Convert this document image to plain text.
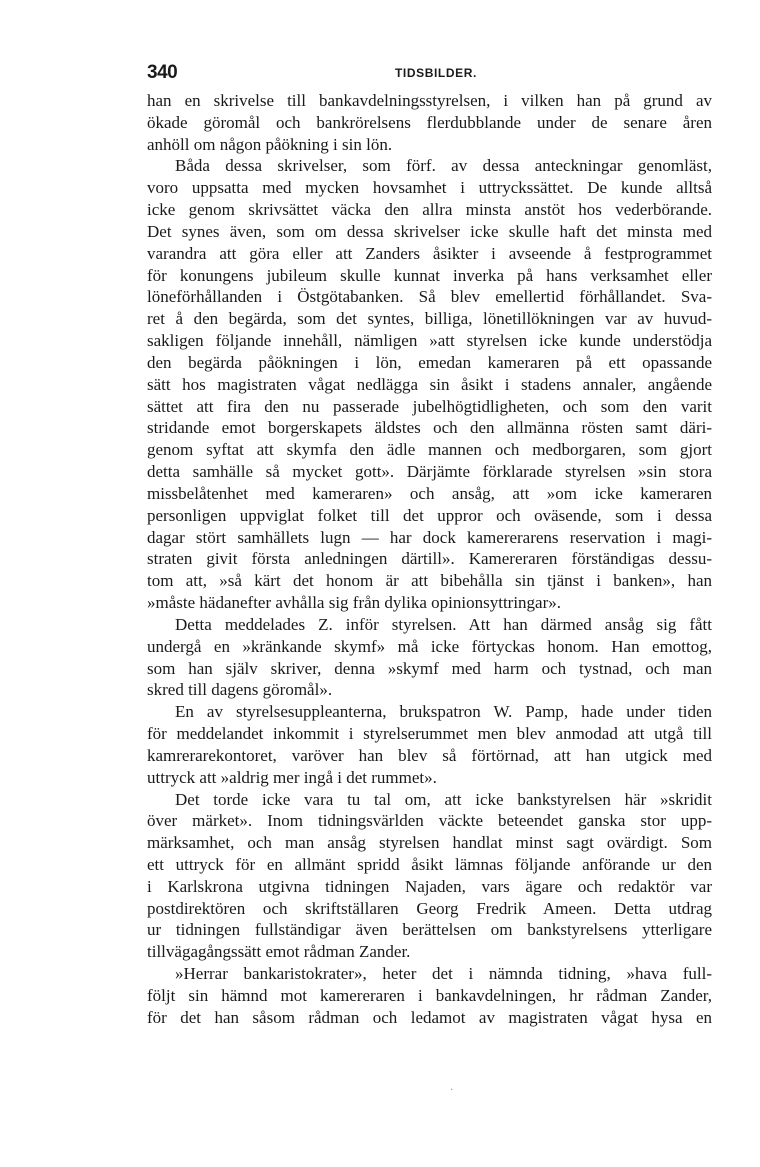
340	TIDSBILDER.
han en skrivelse till bankavdelningsstyrelsen, i vilken han på grund av
ökade göromål och bankrörelsens flerdubblande under de senare åren
anhöll om någon påökning i sin lön.
Båda dessa skrivelser, som förf. av dessa anteckningar genomläst,
voro uppsatta med mycken hovsamhet i uttryckssättet. De kunde alltså
icke genom skrivsättet väcka den allra minsta anstöt hos vederbörande.
Det synes även, som om dessa skrivelser icke skulle haft det minsta med
varandra att göra eller att Zanders åsikter i avseende å festprogrammet
för konungens jubileum skulle kunnat inverka på hans verksamhet eller
löneförhållanden i Östgötabanken. Så blev emellertid förhållandet. Sva-
ret å den begärda, som det syntes, billiga, lönetillökningen var av huvud-
sakligen följande innehåll, nämligen »att styrelsen icke kunde understödja
den begärda påökningen i lön, emedan kameraren på ett opassande
sätt hos magistraten vågat nedlägga sin åsikt i stadens annaler, angående
sättet att fira den nu passerade jubelhögtidligheten, och som den varit
stridande emot borgerskapets äldstes och den allmänna rösten samt däri-
genom syftat att skymfa den ädle mannen och medborgaren, som gjort
detta samhälle så mycket gott». Därjämte förklarade styrelsen »sin stora
missbelåtenhet med kameraren» och ansåg, att »om icke kameraren
personligen uppviglat folket till det uppror och oväsende, som i dessa
dagar stört samhällets lugn — har dock kamererarens reservation i magi-
straten givit första anledningen därtill». Kamereraren förständigas dessu-
tom att, »så kärt det honom är att bibehålla sin tjänst i banken», han
»måste hädanefter avhålla sig från dylika opinionsyttringar».
Detta meddelades Z. inför styrelsen. Att han därmed ansåg sig fått
undergå en »kränkande skymf» må icke förtyckas honom. Han emottog,
som han själv skriver, denna »skymf med harm och tystnad, och man
skred till dagens göromål».
En av styrelsesuppleanterna, brukspatron W. Pamp, hade under tiden
för meddelandet inkommit i styrelserummet men blev anmodad att utgå till
kamrerarekontoret, varöver han blev så förtörnad, att han utgick med
uttryck att »aldrig mer ingå i det rummet».
Det torde icke vara tu tal om, att icke bankstyrelsen här »skridit
över märket». Inom tidningsvärlden väckte beteendet ganska stor upp-
märksamhet, och man ansåg styrelsen handlat minst sagt ovärdigt. Som
ett uttryck för en allmänt spridd åsikt lämnas följande anförande ur den
i Karlskrona utgivna tidningen Najaden, vars ägare och redaktör var
postdirektören och skriftställaren Georg Fredrik Ameen. Detta utdrag
ur tidningen fullständigar även berättelsen om bankstyrelsens ytterligare
tillvägagångssätt emot rådman Zander.
»Herrar bankaristokrater», heter det i nämnda tidning, »hava full-
följt sin hämnd mot kamereraren i bankavdelningen, hr rådman Zander,
för det han såsom rådman och ledamot av magistraten vågat hysa en
·
